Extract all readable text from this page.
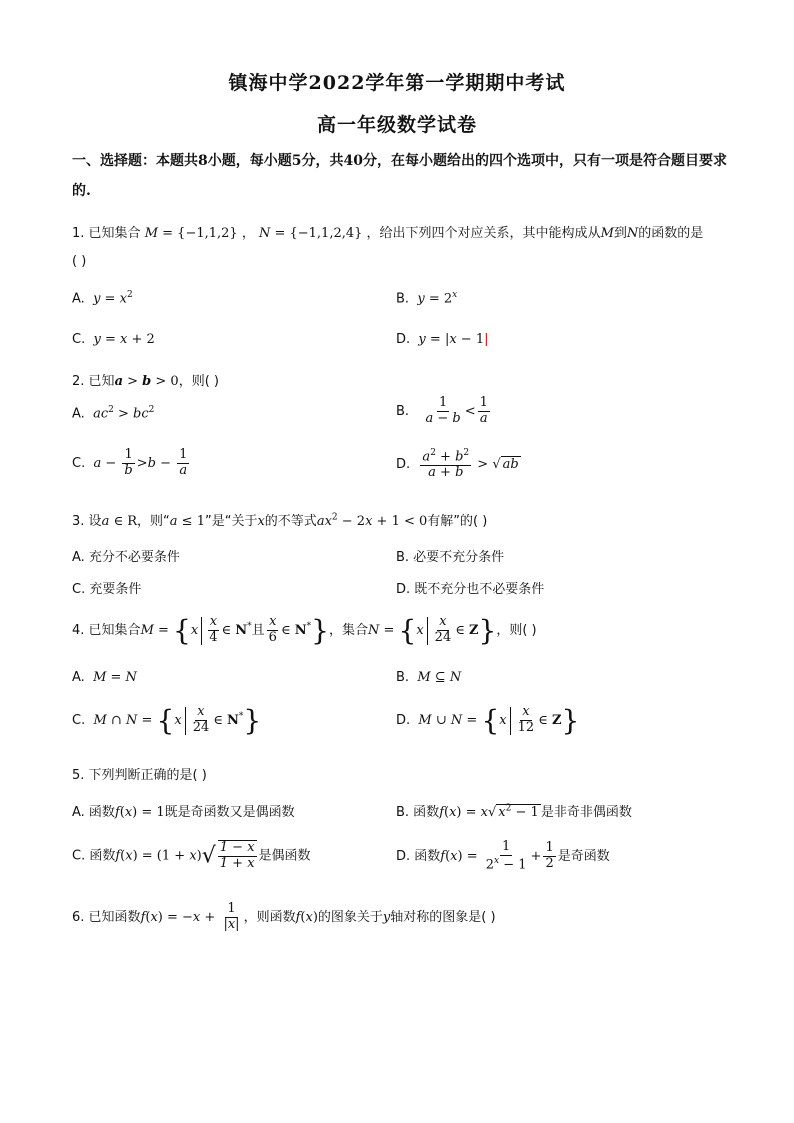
镇海中学2022学年第一学期期中考试
高一年级数学试卷
一、选择题：本题共8小题，每小题5分，共40分，在每小题给出的四个选项中，只有一项是符合题目要求的.
1. 已知集合 M = {−1,1,2} ， N = {−1,1,2,4} ，给出下列四个对应关系，其中能构成从M到N的函数的是
( )
A. $y = x^2$	B. $y = 2^x$
C. y = x + 2	D. y = |x − 1|
2. 已知a > b > 0，则( )
A. $ac^2 > bc^2$	B. $\frac{1}{a - b} < \frac{1}{a}$
C. $a - \frac{1}{b} >b - \frac{1}{a}$	D. $\frac{a^2 + b^2}{a + b}$ > √ ab
3. 设a ∈ R，则“a ≤ 1”是“关于x的不等式$ax^2 - 2x + 1 < 0$有解”的( )
A. 充分不必要条件	B. 必要不充分条件
C. 充要条件	D. 既不充分也不必要条件
4. 已知集合$M = \{x \frac{x}{4}$ ∈ N*且 $\frac{x}{6}$ ∈ N*}，集合$N = \{x \frac{x}{24}$ ∈ Z}，则( )
A. M = N	B. M ⊆ N
C. M ∩ $N = \{x \frac{x}{24}$ ∈ N*}	D. M ∪ $N = \{x \frac{x}{12}$ ∈ Z}
5. 下列判断正确的是( )
A. 函数f(x) = 1既是奇函数又是偶函数	B. 函数f(x) = x√ $x^2 - 1$ 是非奇非偶函数
C. 函数$f(x) = (1 + x)√ \frac{1 - x}{1 + x}$ 是偶函数	D. 函数$f(x) = \frac{1}{2^x - 1} + \frac{1}{2}$ 是奇函数
6. 已知函数$f(x) = -x + \frac{1}{|x|}$ ，则函数f(x)的图象关于y轴对称的图象是( )
